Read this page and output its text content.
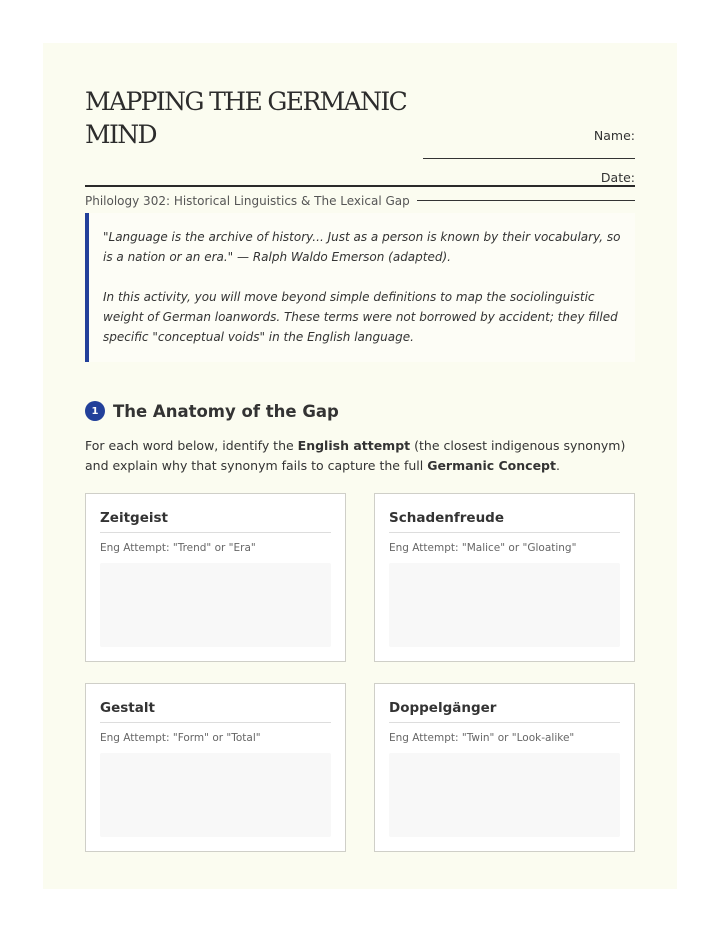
MAPPING THE GERMANIC
MIND
Philology 302: Historical Linguistics & The Lexical Gap
Name:
Date:

"Language is the archive of history... Just as a person is known by their vocabulary, so is a nation or an era." — Ralph Waldo Emerson (adapted).

In this activity, you will move beyond simple definitions to map the sociolinguistic weight of German loanwords. These terms were not borrowed by accident; they filled specific "conceptual voids" in the English language.

1 The Anatomy of the Gap

For each word below, identify the English attempt (the closest indigenous synonym) and explain why that synonym fails to capture the full Germanic Concept.

Zeitgeist
Eng Attempt: "Trend" or "Era"
Schadenfreude
Eng Attempt: "Malice" or "Gloating"
Gestalt
Eng Attempt: "Form" or "Total"
Doppelgänger
Eng Attempt: "Twin" or "Look-alike"
